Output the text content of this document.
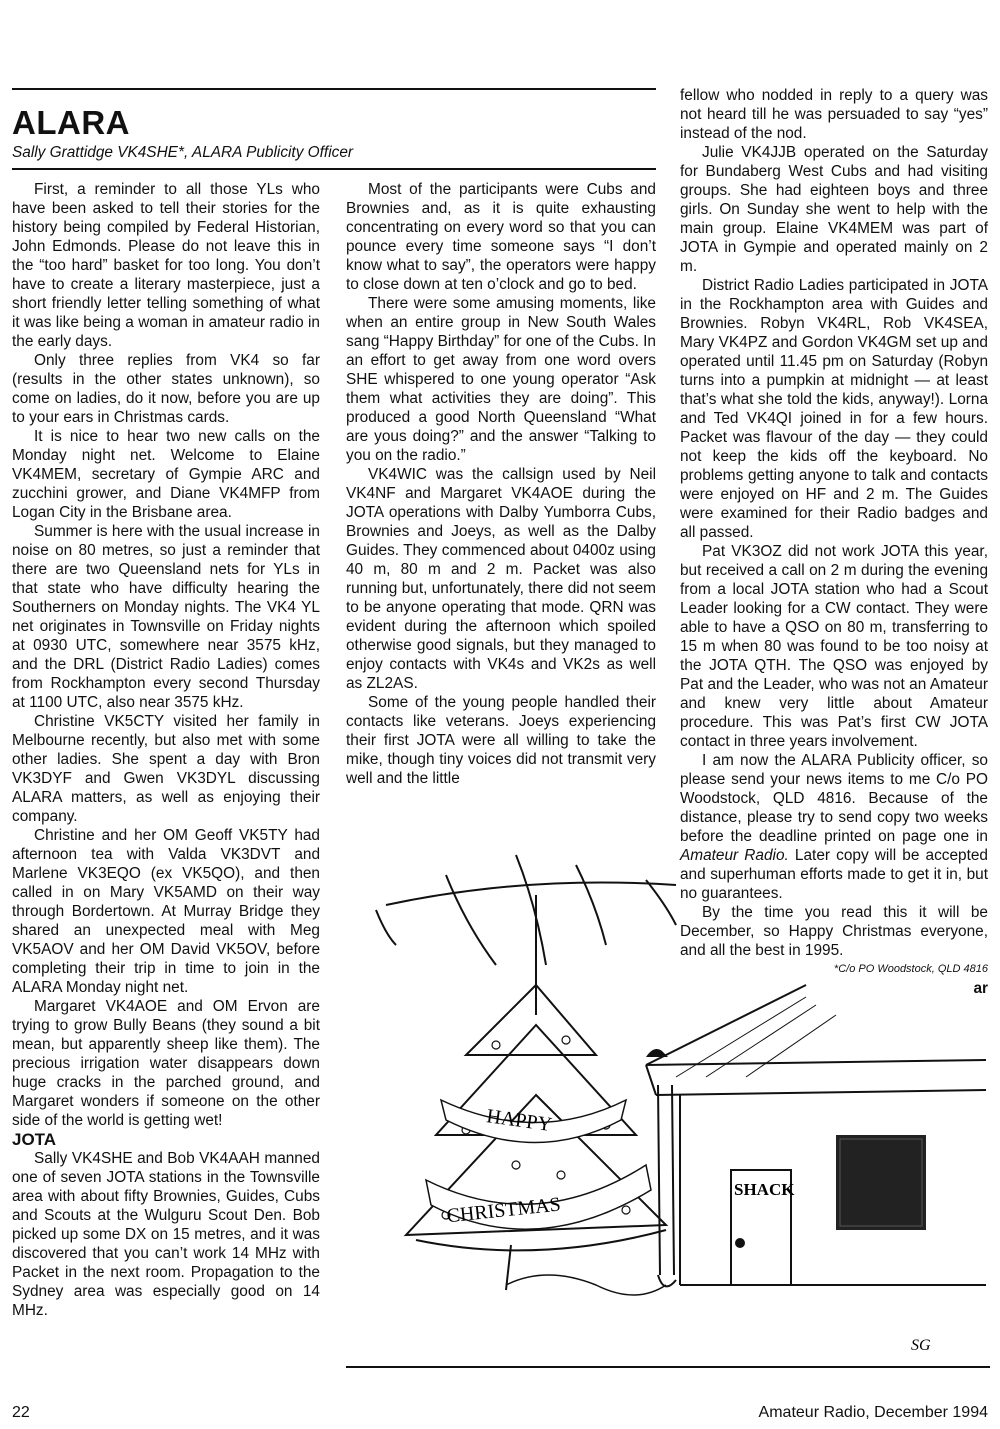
ALARA
Sally Grattidge VK4SHE*, ALARA Publicity Officer

First, a reminder to all those YLs who have been asked to tell their stories for the history being compiled by Federal Historian, John Edmonds. Please do not leave this in the “too hard” basket for too long. You don’t have to create a literary masterpiece, just a short friendly letter telling something of what it was like being a woman in amateur radio in the early days.

Only three replies from VK4 so far (results in the other states unknown), so come on ladies, do it now, before you are up to your ears in Christmas cards.

It is nice to hear two new calls on the Monday night net. Welcome to Elaine VK4MEM, secretary of Gympie ARC and zucchini grower, and Diane VK4MFP from Logan City in the Brisbane area.

Summer is here with the usual increase in noise on 80 metres, so just a reminder that there are two Queensland nets for YLs in that state who have difficulty hearing the Southerners on Monday nights. The VK4 YL net originates in Townsville on Friday nights at 0930 UTC, somewhere near 3575 kHz, and the DRL (District Radio Ladies) comes from Rockhampton every second Thursday at 1100 UTC, also near 3575 kHz.

Christine VK5CTY visited her family in Melbourne recently, but also met with some other ladies. She spent a day with Bron VK3DYF and Gwen VK3DYL discussing ALARA matters, as well as enjoying their company.

Christine and her OM Geoff VK5TY had afternoon tea with Valda VK3DVT and Marlene VK3EQO (ex VK5QO), and then called in on Mary VK5AMD on their way through Bordertown. At Murray Bridge they shared an unexpected meal with Meg VK5AOV and her OM David VK5OV, before completing their trip in time to join in the ALARA Monday night net.

Margaret VK4AOE and OM Ervon are trying to grow Bully Beans (they sound a bit mean, but apparently sheep like them). The precious irrigation water disappears down huge cracks in the parched ground, and Margaret wonders if someone on the other side of the world is getting wet!

JOTA

Sally VK4SHE and Bob VK4AAH manned one of seven JOTA stations in the Townsville area with about fifty Brownies, Guides, Cubs and Scouts at the Wulguru Scout Den. Bob picked up some DX on 15 metres, and it was discovered that you can’t work 14 MHz with Packet in the next room. Propagation to the Sydney area was especially good on 14 MHz.

Most of the participants were Cubs and Brownies and, as it is quite exhausting concentrating on every word so that you can pounce every time someone says “I don’t know what to say”, the operators were happy to close down at ten o’clock and go to bed.

There were some amusing moments, like when an entire group in New South Wales sang “Happy Birthday” for one of the Cubs. In an effort to get away from one word overs SHE whispered to one young operator “Ask them what activities they are doing”. This produced a good North Queensland “What are yous doing?” and the answer “Talking to you on the radio.”

VK4WIC was the callsign used by Neil VK4NF and Margaret VK4AOE during the JOTA operations with Dalby Yumborra Cubs, Brownies and Joeys, as well as the Dalby Guides. They commenced about 0400z using 40 m, 80 m and 2 m. Packet was also running but, unfortunately, there did not seem to be anyone operating that mode. QRN was evident during the afternoon which spoiled otherwise good signals, but they managed to enjoy contacts with VK4s and VK2s as well as ZL2AS.

Some of the young people handled their contacts like veterans. Joeys experiencing their first JOTA were all willing to take the mike, though tiny voices did not transmit very well and the little

fellow who nodded in reply to a query was not heard till he was persuaded to say “yes” instead of the nod.

Julie VK4JJB operated on the Saturday for Bundaberg West Cubs and had visiting groups. She had eighteen boys and three girls. On Sunday she went to help with the main group. Elaine VK4MEM was part of JOTA in Gympie and operated mainly on 2 m.

District Radio Ladies participated in JOTA in the Rockhampton area with Guides and Brownies. Robyn VK4RL, Rob VK4SEA, Mary VK4PZ and Gordon VK4GM set up and operated until 11.45 pm on Saturday (Robyn turns into a pumpkin at midnight — at least that’s what she told the kids, anyway!). Lorna and Ted VK4QI joined in for a few hours. Packet was flavour of the day — they could not keep the kids off the keyboard. No problems getting anyone to talk and contacts were enjoyed on HF and 2 m. The Guides were examined for their Radio badges and all passed.

Pat VK3OZ did not work JOTA this year, but received a call on 2 m during the evening from a local JOTA station who had a Scout Leader looking for a CW contact. They were able to have a QSO on 80 m, transferring to 15 m when 80 was found to be too noisy at the JOTA QTH. The QSO was enjoyed by Pat and the Leader, who was not an Amateur and knew very little about Amateur procedure. This was Pat’s first CW JOTA contact in three years involvement.

I am now the ALARA Publicity officer, so please send your news items to me C/o PO Woodstock, QLD 4816. Because of the distance, please try to send copy two weeks before the deadline printed on page one in Amateur Radio. Later copy will be accepted and superhuman efforts made to get it in, but no guarantees.

By the time you read this it will be December, so Happy Christmas everyone, and all the best in 1995.

*C/o PO Woodstock, QLD 4816

ar

HAPPY
CHRISTMAS
SHACK
SG
22	Amateur Radio, December 1994
